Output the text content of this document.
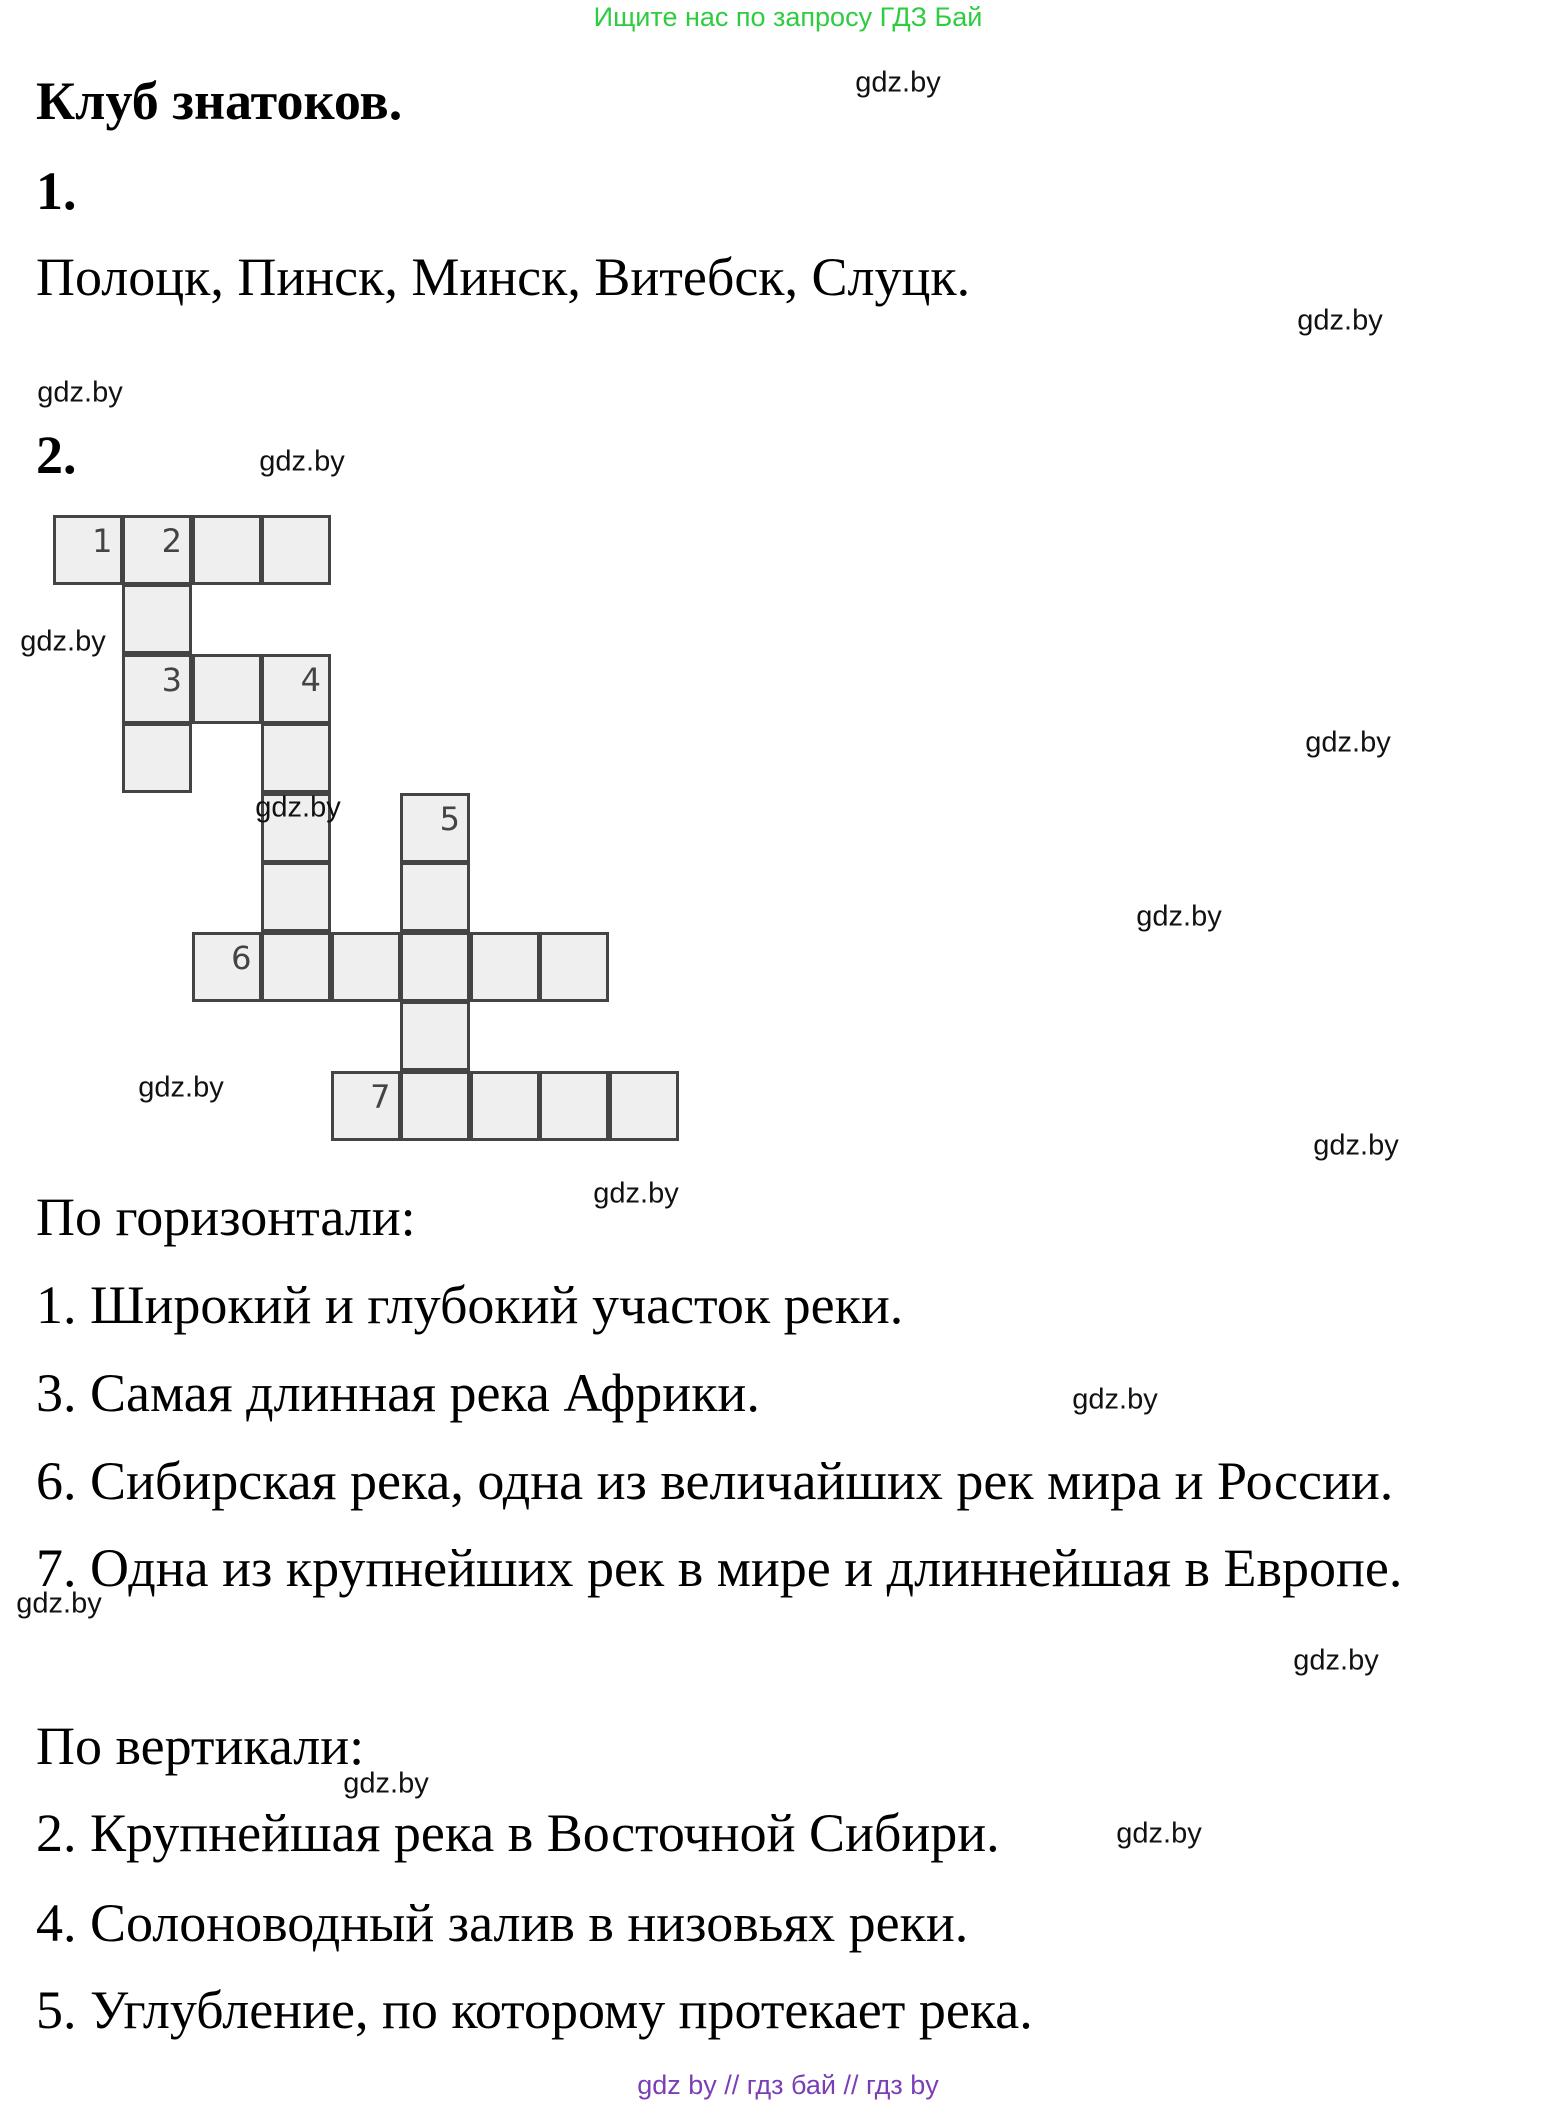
Ищите нас по запросу ГДЗ Бай
Клуб знатоков.
1.
Полоцк, Пинск, Минск, Витебск, Слуцк.
2.
1 2
3	4
5
6
7
По горизонтали:
1. Широкий и глубокий участок реки.
3. Самая длинная река Африки.
6. Сибирская река, одна из величайших рек мира и России.
7. Одна из крупнейших рек в мире и длиннейшая в Европе.
По вертикали:
2. Крупнейшая река в Восточной Сибири.
4. Солоноводный залив в низовьях реки.
5. Углубление, по которому протекает река.
gdz.by
gdz.by
gdz.by
gdz.by
gdz.by
gdz.by
gdz.by
gdz.by
gdz.by
gdz.by
gdz.by
gdz.by
gdz.by
gdz.by
gdz.by
gdz.by
gdz by // гдз бай // гдз by
